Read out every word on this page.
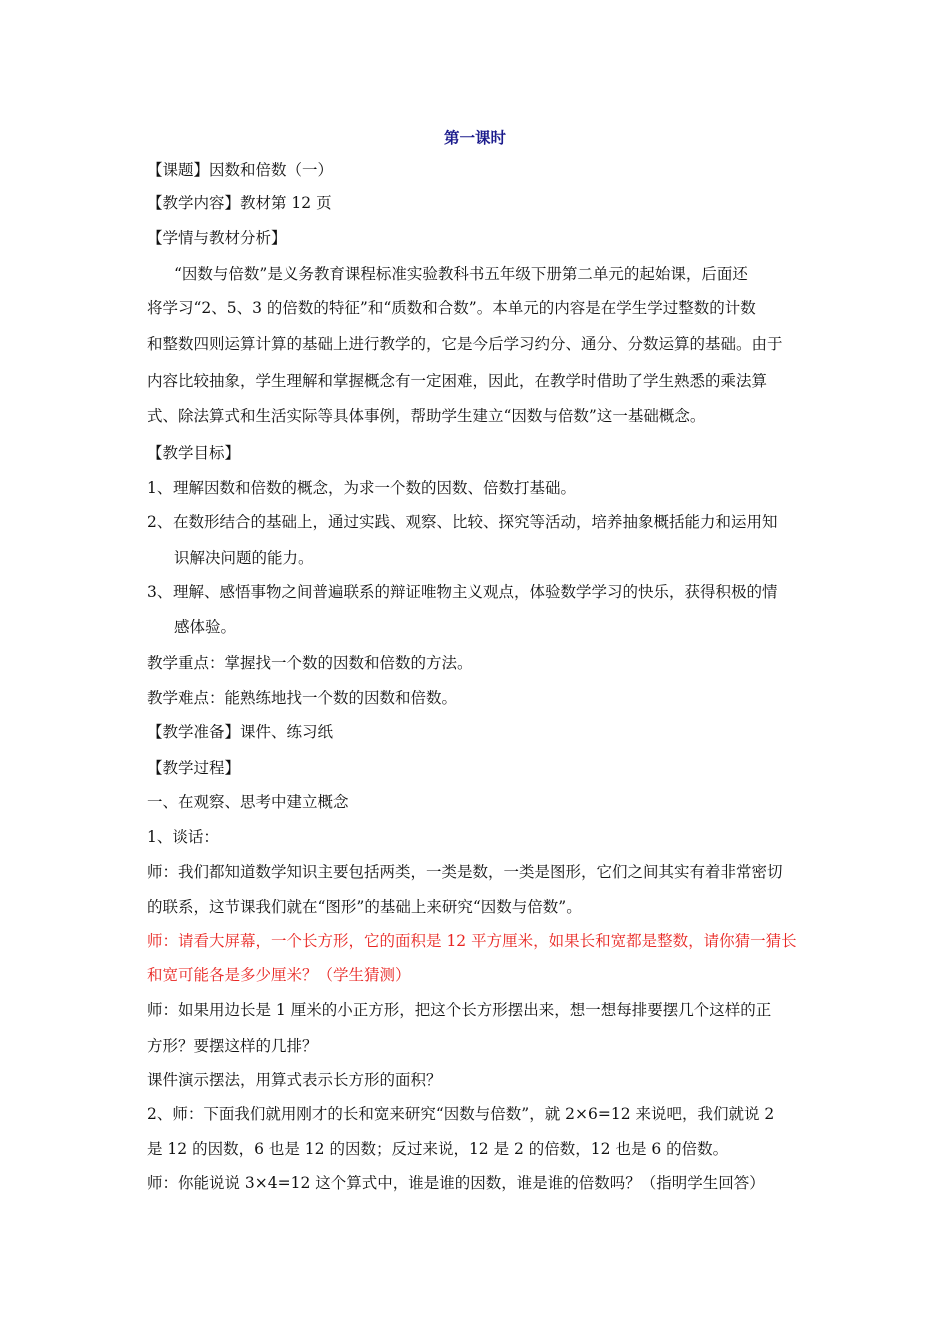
第一课时
【课题】因数和倍数（一）
【教学内容】教材第 12 页
【学情与教材分析】
“因数与倍数”是义务教育课程标准实验教科书五年级下册第二单元的起始课，后面还
将学习“2、5、3 的倍数的特征”和“质数和合数”。本单元的内容是在学生学过整数的计数
和整数四则运算计算的基础上进行教学的，它是今后学习约分、通分、分数运算的基础。由于
内容比较抽象，学生理解和掌握概念有一定困难，因此，在教学时借助了学生熟悉的乘法算
式、除法算式和生活实际等具体事例，帮助学生建立“因数与倍数”这一基础概念。
【教学目标】
1、理解因数和倍数的概念，为求一个数的因数、倍数打基础。
2、在数形结合的基础上，通过实践、观察、比较、探究等活动，培养抽象概括能力和运用知
识解决问题的能力。
3、理解、感悟事物之间普遍联系的辩证唯物主义观点，体验数学学习的快乐，获得积极的情
感体验。
教学重点：掌握找一个数的因数和倍数的方法。
教学难点：能熟练地找一个数的因数和倍数。
【教学准备】课件、练习纸
【教学过程】
一、在观察、思考中建立概念
1、谈话：
师：我们都知道数学知识主要包括两类，一类是数，一类是图形，它们之间其实有着非常密切
的联系，这节课我们就在“图形”的基础上来研究“因数与倍数”。
师：请看大屏幕，一个长方形，它的面积是 12 平方厘米，如果长和宽都是整数，请你猜一猜长
和宽可能各是多少厘米？（学生猜测）
师：如果用边长是 1 厘米的小正方形，把这个长方形摆出来，想一想每排要摆几个这样的正
方形？要摆这样的几排？
课件演示摆法，用算式表示长方形的面积？
2、师：下面我们就用刚才的长和宽来研究“因数与倍数”，就 2×6=12 来说吧，我们就说 2
是 12 的因数，6 也是 12 的因数；反过来说，12 是 2 的倍数，12 也是 6 的倍数。
师：你能说说 3×4=12 这个算式中，谁是谁的因数，谁是谁的倍数吗？（指明学生回答）
